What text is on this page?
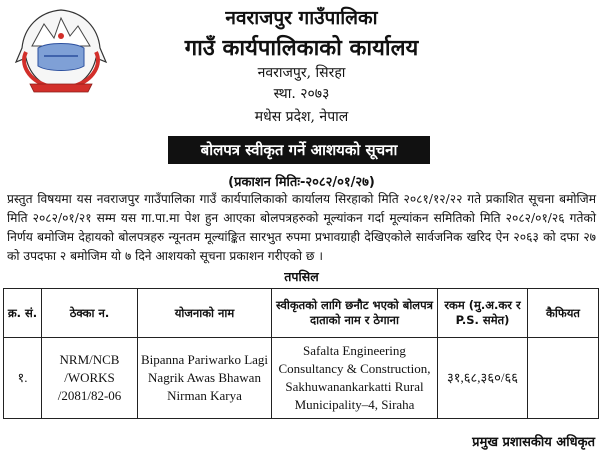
नवराजपुर गाउँपालिका
गाउँ कार्यपालिकाको कार्यालय
नवराजपुर, सिरहा
स्था. २०७३
मधेस प्रदेश, नेपाल
बोलपत्र स्वीकृत गर्ने आशयको सूचना
(प्रकाशन मितिः-२०८२/०१/२७)

प्रस्तुत विषयमा यस नवराजपुर गाउँपालिका गाउँ कार्यपालिकाको कार्यालय सिरहाको मिति २०८१/१२/२२ गते प्रकाशित सूचना बमोजिम मिति २०८२/०१/२१ सम्म यस गा.पा.मा पेश हुन आएका बोलपत्रहरुको मूल्यांकन गर्दा मूल्यांकन समितिको मिति २०८२/०१/२६ गतेको निर्णय बमोजिम देहायको बोलपत्रहरु न्यूनतम मूल्यांङ्कित सारभुत रुपमा प्रभावग्राही देखिएकोले सार्वजनिक खरिद ऐन २०६३ को दफा २७ को उपदफा २ बमोजिम यो ७ दिने आशयको सूचना प्रकाशन गरीएको छ ।

तपसिल
क्र. सं.	ठेक्का न.	योजनाको नाम	स्वीकृतको लागि छनौट भएको बोलपत्र दाताको नाम र ठेगाना	रकम (मु.अ.कर र P.S. समेत)	कैफियत
१.	NRM/NCB /WORKS /2081/82-06	Bipanna Pariwarko Lagi Nagrik Awas Bhawan Nirman Karya	Safalta Engineering Consultancy & Construction, Sakhuwanankarkatti Rural Municipality–4, Siraha	३१,६८,३६०/६६	
प्रमुख प्रशासकीय अधिकृत
